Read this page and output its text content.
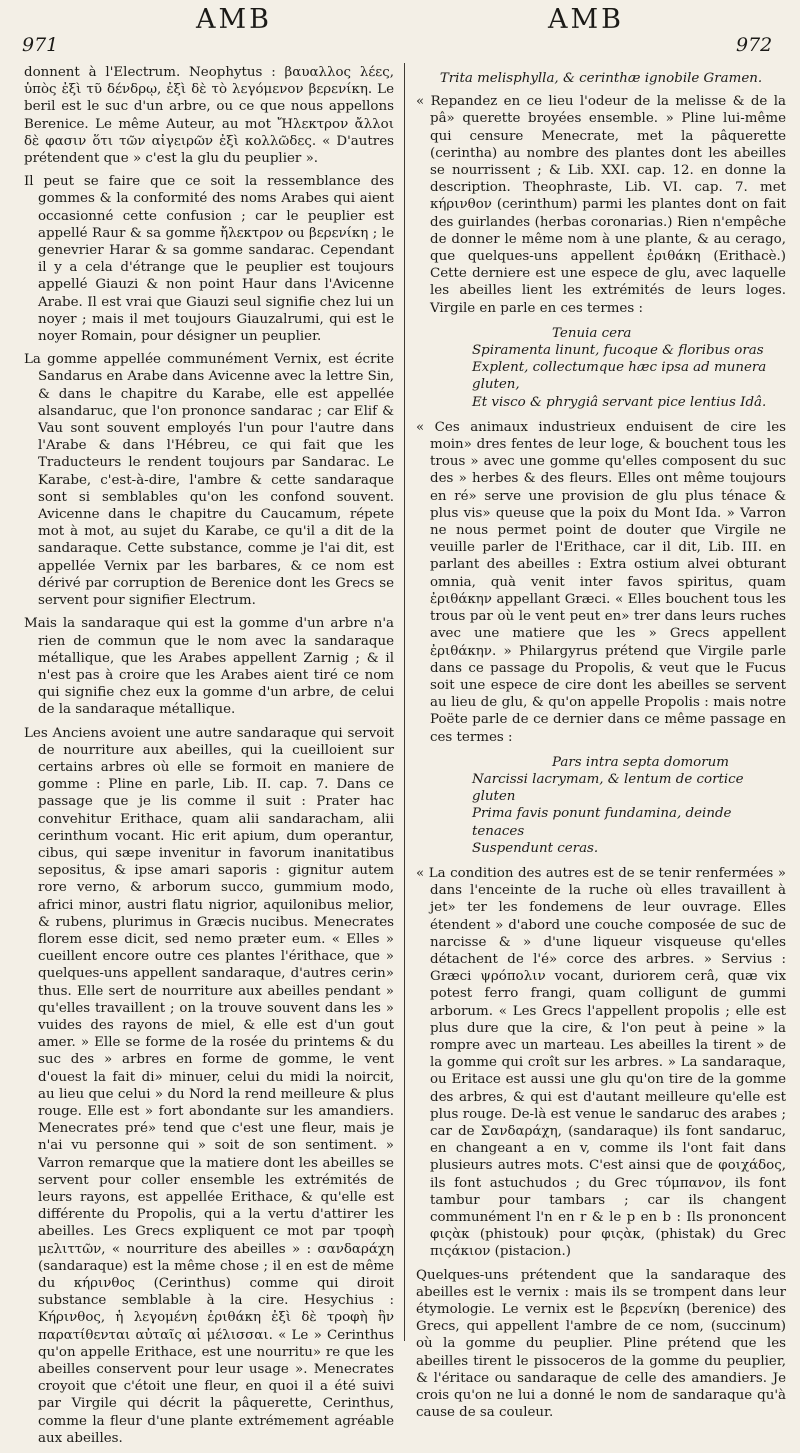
971
AMB	AMB
972

donnent à l'Electrum. Neophytus : βαυαλλος λέες, ὑπὸς ἐξὶ τῦ δένδρῳ, ἐξὶ δὲ τὸ λεγόμενον βερενίκη. Le beril est le suc d'un arbre, ou ce que nous appellons Berenice. Le même Auteur, au mot Ἤλεκτρον ἄλλοι δὲ φασιν ὅτι τῶν αἰγειρῶν ἐξὶ κολλῶδες. « D'autres prétendent que » c'est la glu du peuplier ».

Il peut se faire que ce soit la ressemblance des gommes & la conformité des noms Arabes qui aient occasionné cette confusion ; car le peuplier est appellé Raur & sa gomme ἤλεκτρον ou βερενίκη ; le genevrier Harar & sa gomme sandarac. Cependant il y a cela d'étrange que le peuplier est toujours appellé Giauzi & non point Haur dans l'Avicenne Arabe. Il est vrai que Giauzi seul signifie chez lui un noyer ; mais il met toujours Giauzalrumi, qui est le noyer Romain, pour désigner un peuplier.

La gomme appellée communément Vernix, est écrite Sandarus en Arabe dans Avicenne avec la lettre Sin, & dans le chapitre du Karabe, elle est appellée alsandaruc, que l'on prononce sandarac ; car Elif & Vau sont souvent employés l'un pour l'autre dans l'Arabe & dans l'Hébreu, ce qui fait que les Traducteurs le rendent toujours par Sandarac. Le Karabe, c'est-à-dire, l'ambre & cette sandaraque sont si semblables qu'on les confond souvent. Avicenne dans le chapitre du Caucamum, répete mot à mot, au sujet du Karabe, ce qu'il a dit de la sandaraque. Cette substance, comme je l'ai dit, est appellée Vernix par les barbares, & ce nom est dérivé par corruption de Berenice dont les Grecs se servent pour signifier Electrum.

Mais la sandaraque qui est la gomme d'un arbre n'a rien de commun que le nom avec la sandaraque métallique, que les Arabes appellent Zarnig ; & il n'est pas à croire que les Arabes aient tiré ce nom qui signifie chez eux la gomme d'un arbre, de celui de la sandaraque métallique.

Les Anciens avoient une autre sandaraque qui servoit de nourriture aux abeilles, qui la cueilloient sur certains arbres où elle se formoit en maniere de gomme : Pline en parle, Lib. II. cap. 7. Dans ce passage que je lis comme il suit : Prater hac convehitur Erithace, quam alii sandaracham, alii cerinthum vocant. Hic erit apium, dum operantur, cibus, qui sæpe invenitur in favorum inanitatibus sepositus, & ipse amari saporis : gignitur autem rore verno, & arborum succo, gummium modo, africi minor, austri flatu nigrior, aquilonibus melior, & rubens, plurimus in Græcis nucibus. Menecrates florem esse dicit, sed nemo præter eum. « Elles » cueillent encore outre ces plantes l'érithace, que » quelques-uns appellent sandaraque, d'autres cerin» thus. Elle sert de nourriture aux abeilles pendant » qu'elles travaillent ; on la trouve souvent dans les » vuides des rayons de miel, & elle est d'un gout amer. » Elle se forme de la rosée du printems & du suc des » arbres en forme de gomme, le vent d'ouest la fait di» minuer, celui du midi la noircit, au lieu que celui » du Nord la rend meilleure & plus rouge. Elle est » fort abondante sur les amandiers. Menecrates pré» tend que c'est une fleur, mais je n'ai vu personne qui » soit de son sentiment. » Varron remarque que la matiere dont les abeilles se servent pour coller ensemble les extrémités de leurs rayons, est appellée Erithace, & qu'elle est différente du Propolis, qui a la vertu d'attirer les abeilles. Les Grecs expliquent ce mot par τροφὴ μελιττῶν, « nourriture des abeilles » : σανδαράχη (sandaraque) est la même chose ; il en est de même du κήρινθος (Cerinthus) comme qui diroit substance semblable à la cire. Hesychius : Κήρινθος, ἡ λεγομένη ἐριθάκη ἐξὶ δὲ τροφὴ ἣν παρατίθενται αὐταῖς αἱ μέλισσαι. « Le » Cerinthus qu'on appelle Erithace, est une nourritu» re que les abeilles conservent pour leur usage ». Menecrates croyoit que c'étoit une fleur, en quoi il a été suivi par Virgile qui décrit la pâquerette, Cerinthus, comme la fleur d'une plante extrémement agréable aux abeilles.

Trita melisphylla, & cerinthæ ignobile Gramen.

« Repandez en ce lieu l'odeur de la melisse & de la pâ» querette broyées ensemble. » Pline lui-même qui censure Menecrate, met la pâquerette (cerintha) au nombre des plantes dont les abeilles se nourrissent ; & Lib. XXI. cap. 12. en donne la description. Theophraste, Lib. VI. cap. 7. met κήρινθον (cerinthum) parmi les plantes dont on fait des guirlandes (herbas coronarias.) Rien n'empêche de donner le même nom à une plante, & au cerago, que quelques-uns appellent ἐριθάκη (Erithacè.) Cette derniere est une espece de glu, avec laquelle les abeilles lient les extrémités de leurs loges. Virgile en parle en ces termes :

Tenuia cera
Spiramenta linunt, fucoque & floribus oras
Explent, collectumque hæc ipsa ad munera gluten,
Et visco & phrygiâ servant pice lentius Idâ.

« Ces animaux industrieux enduisent de cire les moin» dres fentes de leur loge, & bouchent tous les trous » avec une gomme qu'elles composent du suc des » herbes & des fleurs. Elles ont même toujours en ré» serve une provision de glu plus ténace & plus vis» queuse que la poix du Mont Ida. » Varron ne nous permet point de douter que Virgile ne veuille parler de l'Erithace, car il dit, Lib. III. en parlant des abeilles : Extra ostium alvei obturant omnia, quà venit inter favos spiritus, quam ἐριθάκην appellant Græci. « Elles bouchent tous les trous par où le vent peut en» trer dans leurs ruches avec une matiere que les » Grecs appellent ἐριθάκην. » Philargyrus prétend que Virgile parle dans ce passage du Propolis, & veut que le Fucus soit une espece de cire dont les abeilles se servent au lieu de glu, & qu'on appelle Propolis : mais notre Poëte parle de ce dernier dans ce même passage en ces termes :

Pars intra septa domorum
Narcissi lacrymam, & lentum de cortice gluten
Prima favis ponunt fundamina, deinde tenaces
Suspendunt ceras.

« La condition des autres est de se tenir renfermées » dans l'enceinte de la ruche où elles travaillent à jet» ter les fondemens de leur ouvrage. Elles étendent » d'abord une couche composée de suc de narcisse & » d'une liqueur visqueuse qu'elles détachent de l'é» corce des arbres. » Servius : Græci ψρόπολιν vocant, duriorem cerâ, quæ vix potest ferro frangi, quam colligunt de gummi arborum. « Les Grecs l'appellent propolis ; elle est plus dure que la cire, & l'on peut à peine » la rompre avec un marteau. Les abeilles la tirent » de la gomme qui croît sur les arbres. » La sandaraque, ou Eritace est aussi une glu qu'on tire de la gomme des arbres, & qui est d'autant meilleure qu'elle est plus rouge. De-là est venue le sandaruc des arabes ; car de Σανδαράχη, (sandaraque) ils font sandaruc, en changeant a en v, comme ils l'ont fait dans plusieurs autres mots. C'est ainsi que de φοιχάδος, ils font astuchudos ; du Grec τύμπανον, ils font tambur pour tambars ; car ils changent communément l'n en r & le p en b : Ils prononcent φιςὰκ (phistouk) pour φιςὰκ, (phistak) du Grec πιςάκιον (pistacion.)

Quelques-uns prétendent que la sandaraque des abeilles est le vernix : mais ils se trompent dans leur étymologie. Le vernix est le βερενίκη (berenice) des Grecs, qui appellent l'ambre de ce nom, (succinum) où la gomme du peuplier. Pline prétend que les abeilles tirent le pissoceros de la gomme du peuplier, & l'éritace ou sandaraque de celle des amandiers. Je crois qu'on ne lui a donné le nom de sandaraque qu'à cause de sa couleur.
